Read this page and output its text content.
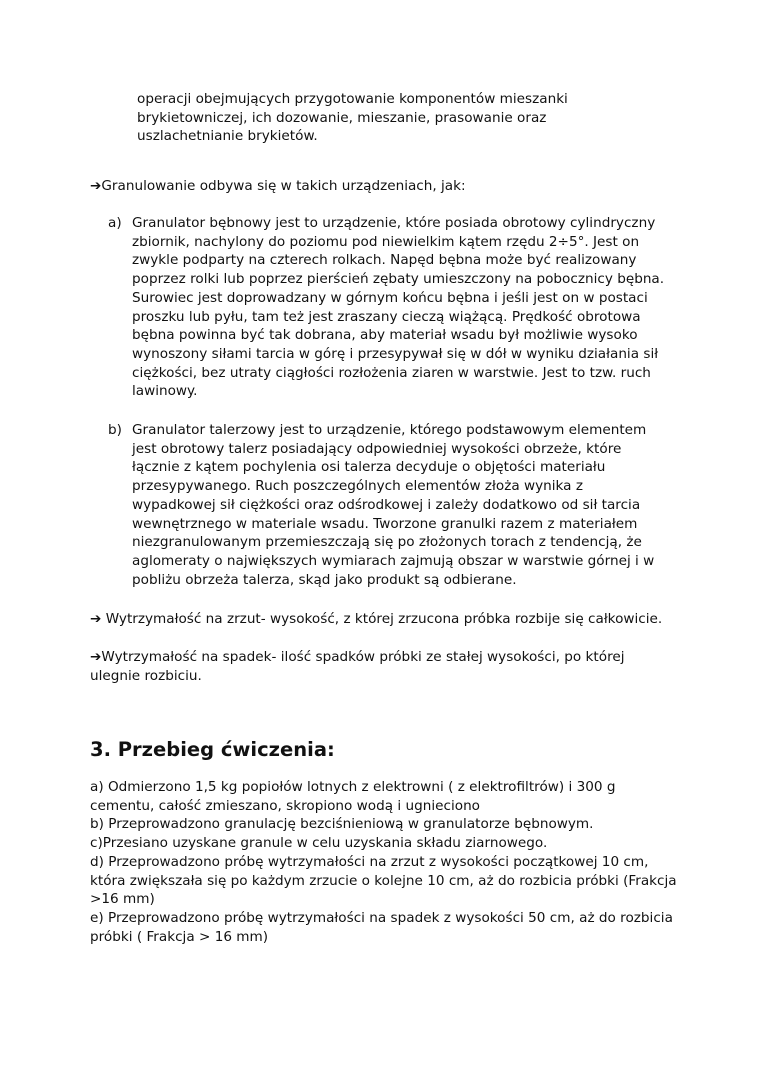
operacji obejmujących przygotowanie komponentów mieszanki brykietowniczej, ich dozowanie, mieszanie, prasowanie oraz uszlachetnianie brykietów.

➔Granulowanie odbywa się w takich urządzeniach, jak:

a) Granulator bębnowy jest to urządzenie, które posiada obrotowy cylindryczny zbiornik, nachylony do poziomu pod niewielkim kątem rzędu 2÷5°. Jest on zwykle podparty na czterech rolkach. Napęd bębna może być realizowany poprzez rolki lub poprzez pierścień zębaty umieszczony na pobocznicy bębna. Surowiec jest doprowadzany w górnym końcu bębna i jeśli jest on w postaci proszku lub pyłu, tam też jest zraszany cieczą wiążącą. Prędkość obrotowa bębna powinna być tak dobrana, aby materiał wsadu był możliwie wysoko wynoszony siłami tarcia w górę i przesypywał się w dół w wyniku działania sił ciężkości, bez utraty ciągłości rozłożenia ziaren w warstwie. Jest to tzw. ruch lawinowy.
b) Granulator talerzowy jest to urządzenie, którego podstawowym elementem jest obrotowy talerz posiadający odpowiedniej wysokości obrzeże, które łącznie z kątem pochylenia osi talerza decyduje o objętości materiału przesypywanego. Ruch poszczególnych elementów złoża wynika z wypadkowej sił ciężkości oraz odśrodkowej i zależy dodatkowo od sił tarcia wewnętrznego w materiale wsadu. Tworzone granulki razem z materiałem niezgranulowanym przemieszczają się po złożonych torach z tendencją, że aglomeraty o największych wymiarach zajmują obszar w warstwie górnej i w pobliżu obrzeża talerza, skąd jako produkt są odbierane.

➔ Wytrzymałość na zrzut- wysokość, z której zrzucona próbka rozbije się całkowicie.

➔Wytrzymałość na spadek- ilość spadków próbki ze stałej wysokości, po której ulegnie rozbiciu.

3. Przebieg ćwiczenia:
a) Odmierzono 1,5 kg popiołów lotnych z elektrowni ( z elektrofiltrów) i 300 g cementu, całość zmieszano, skropiono wodą i ugnieciono
b) Przeprowadzono granulację bezciśnieniową w granulatorze bębnowym.
c)Przesiano uzyskane granule w celu uzyskania składu ziarnowego.
d) Przeprowadzono próbę wytrzymałości na zrzut z wysokości początkowej 10 cm, która zwiększała się po każdym zrzucie o kolejne 10 cm, aż do rozbicia próbki (Frakcja >16 mm)
e) Przeprowadzono próbę wytrzymałości na spadek z wysokości 50 cm, aż do rozbicia próbki ( Frakcja > 16 mm)
